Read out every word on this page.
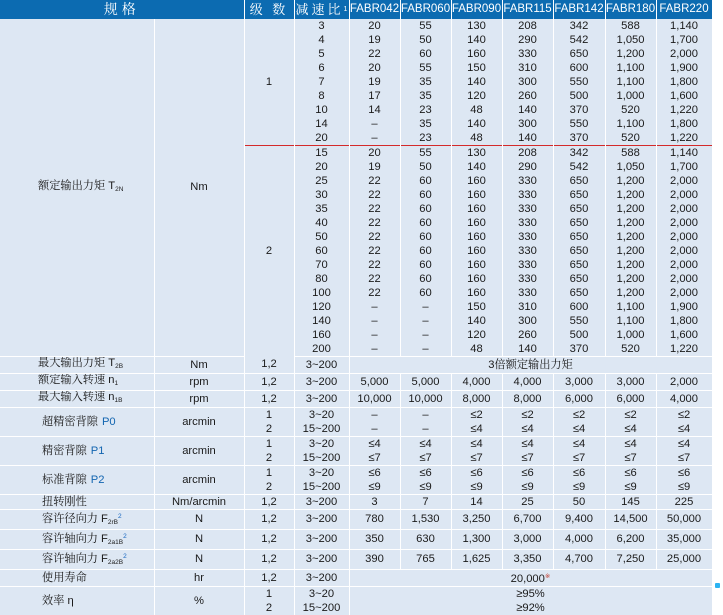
规格		级 数	减速比$^1$	FABR042	FABR060	FABR090	FABR115	FABR142	FABR180	FABR220
额定输出力矩 $T_{2N}$	Nm	1	3	20	55	130	208	342	588	1,140
			4	19	50	140	290	542	1,050	1,700
			5	22	60	160	330	650	1,200	2,000
			6	20	55	150	310	600	1,100	1,900
			7	19	35	140	300	550	1,100	1,800
			8	17	35	120	260	500	1,000	1,600
			10	14	23	48	140	370	520	1,220
			14	–	35	140	300	550	1,100	1,800
			20	–	23	48	140	370	520	1,220
		2	15	20	55	130	208	342	588	1,140
			20	19	50	140	290	542	1,050	1,700
			25	22	60	160	330	650	1,200	2,000
			30	22	60	160	330	650	1,200	2,000
			35	22	60	160	330	650	1,200	2,000
			40	22	60	160	330	650	1,200	2,000
			50	22	60	160	330	650	1,200	2,000
			60	22	60	160	330	650	1,200	2,000
			70	22	60	160	330	650	1,200	2,000
			80	22	60	160	330	650	1,200	2,000
			100	22	60	160	330	650	1,200	2,000
			120	–	–	150	310	600	1,100	1,900
			140	–	–	140	300	550	1,100	1,800
			160	–	–	120	260	500	1,000	1,600
			200	–	–	48	140	370	520	1,220
最大输出力矩 $T_{2B}$	Nm	1,2	3~200	3倍额定输出力矩						
额定输入转速 $n_1$	rpm	1,2	3~200	5,000	5,000	4,000	4,000	3,000	3,000	2,000
最大输入转速 $n_{1B}$	rpm	1,2	3~200	10,000	10,000	8,000	8,000	6,000	6,000	4,000
超精密背隙 P0	arcmin	1	3~20	–	–	≤2	≤2	≤2	≤2	≤2
		2	15~200	–	–	≤4	≤4	≤4	≤4	≤4
精密背隙 P1	arcmin	1	3~20	≤4	≤4	≤4	≤4	≤4	≤4	≤4
		2	15~200	≤7	≤7	≤7	≤7	≤7	≤7	≤7
标准背隙 P2	arcmin	1	3~20	≤6	≤6	≤6	≤6	≤6	≤6	≤6
		2	15~200	≤9	≤9	≤9	≤9	≤9	≤9	≤9
扭转刚性	Nm/arcmin	1,2	3~200	3	7	14	25	50	145	225
容许径向力 $F_{2rB}^2$	N	1,2	3~200	780	1,530	3,250	6,700	9,400	14,500	50,000
容许轴向力 $F_{2a1B}^2$	N	1,2	3~200	350	630	1,300	3,000	4,000	6,200	35,000
容许轴向力 $F_{2a2B}^2$	N	1,2	3~200	390	765	1,625	3,350	4,700	7,250	25,000
使用寿命	hr	1,2	3~200	20,000※
效率 η	%	1	3~20	≥95%						
		2	15~200	≥92%						
